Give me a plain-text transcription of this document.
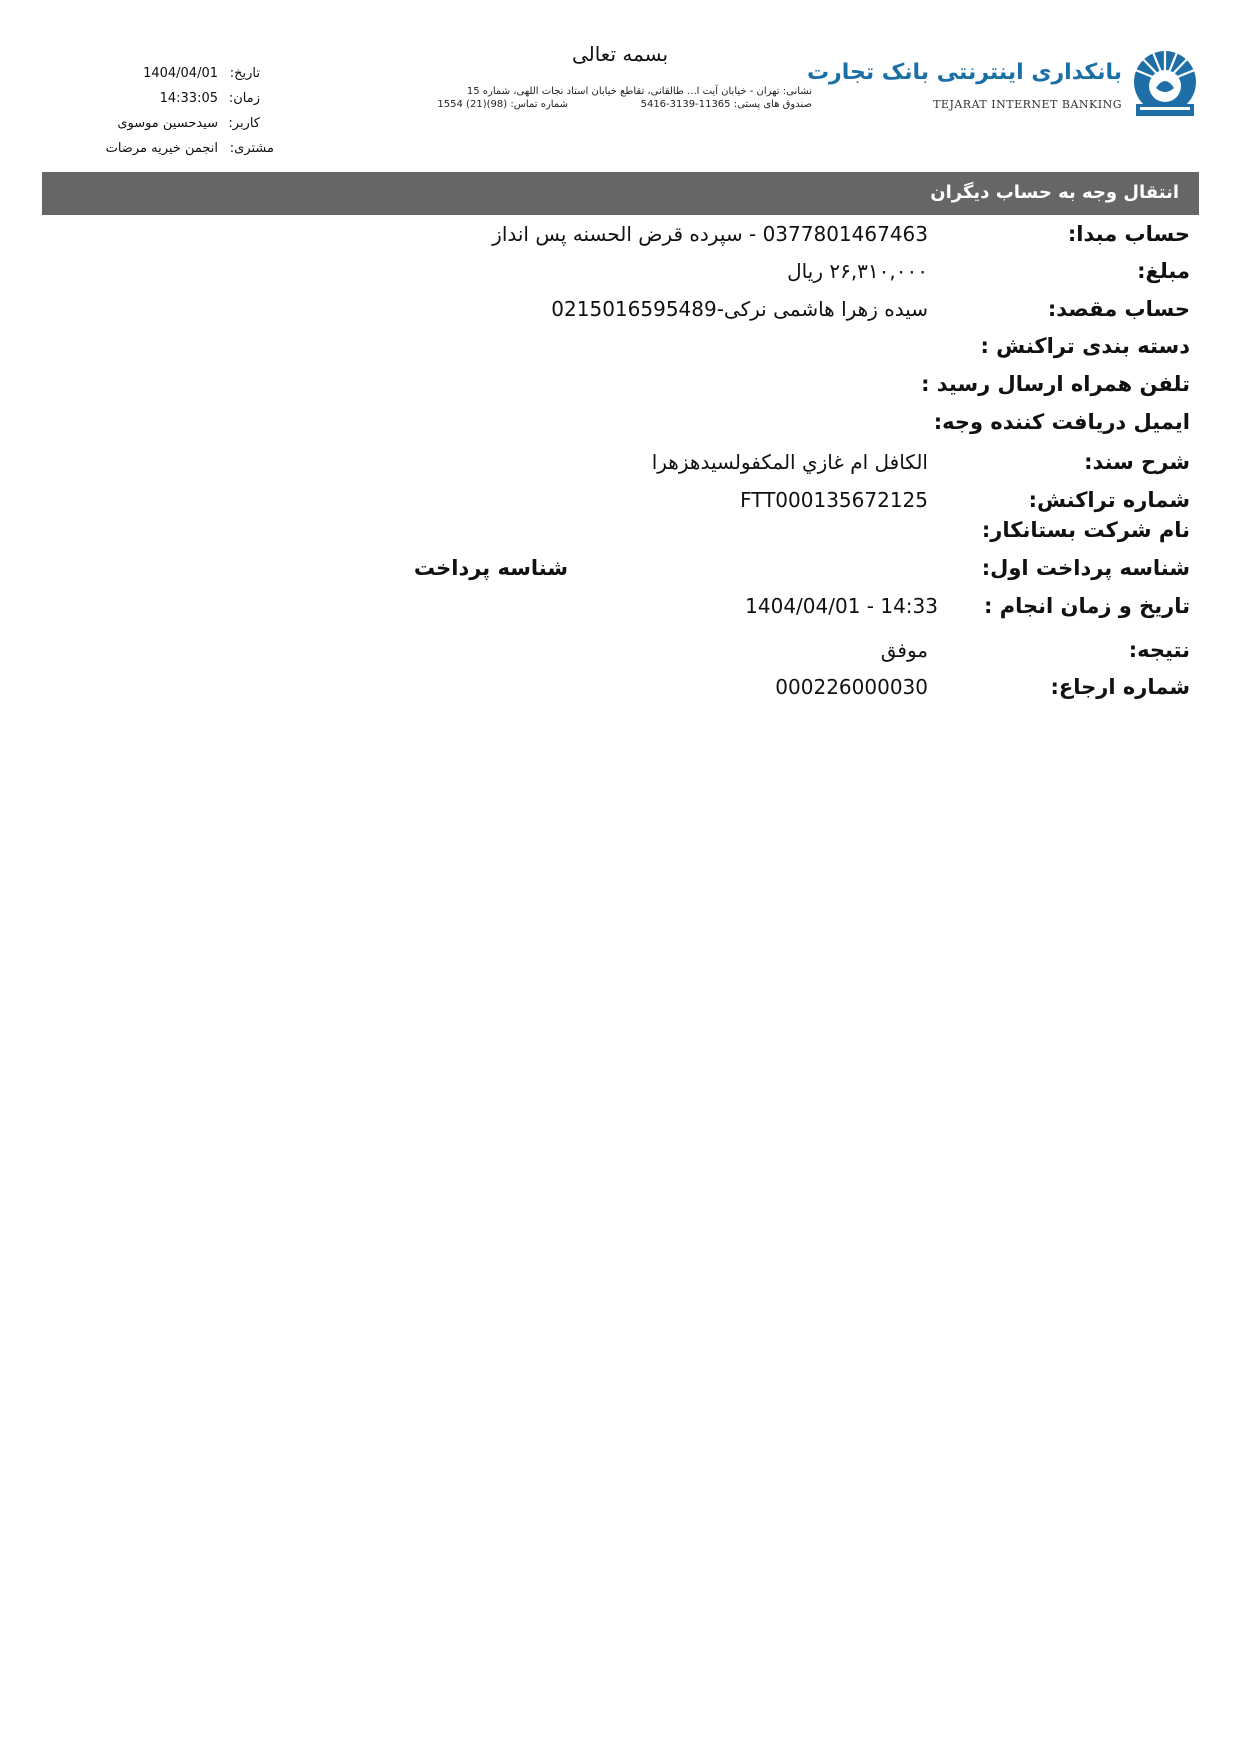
بسمه تعالی
نشانی: تهران - خیابان آیت ا... طالقانی، تقاطع خیابان استاد نجات اللهی، شماره 15
صندوق های پستی: 11365-3139-5416
شماره تماس: (98)(21) 1554
بانکداری اینترنتی بانک تجارت
TEJARAT INTERNET BANKING
تاریخ:
1404/04/01
زمان:
14:33:05
کاربر:
سیدحسین موسوی
مشتری:
انجمن خیریه مرضات
انتقال وجه به حساب دیگران
حساب مبدا:
0377801467463 - سپرده قرض الحسنه پس انداز
مبلغ:
۲۶,۳۱۰,۰۰۰ ریال
حساب مقصد:
سیده زهرا هاشمی نرکی-0215016595489
دسته بندی تراکنش :
تلفن همراه ارسال رسید :
ایمیل دریافت کننده وجه:
شرح سند:
الكافل ام غازي المكفولسيدهزهرا
شماره تراکنش:
FTT000135672125
نام شرکت بستانکار:
شناسه پرداخت اول:
شناسه پرداخت
تاریخ و زمان انجام :
1404/04/01 - 14:33
نتیجه:
موفق
شماره ارجاع:
000226000030
